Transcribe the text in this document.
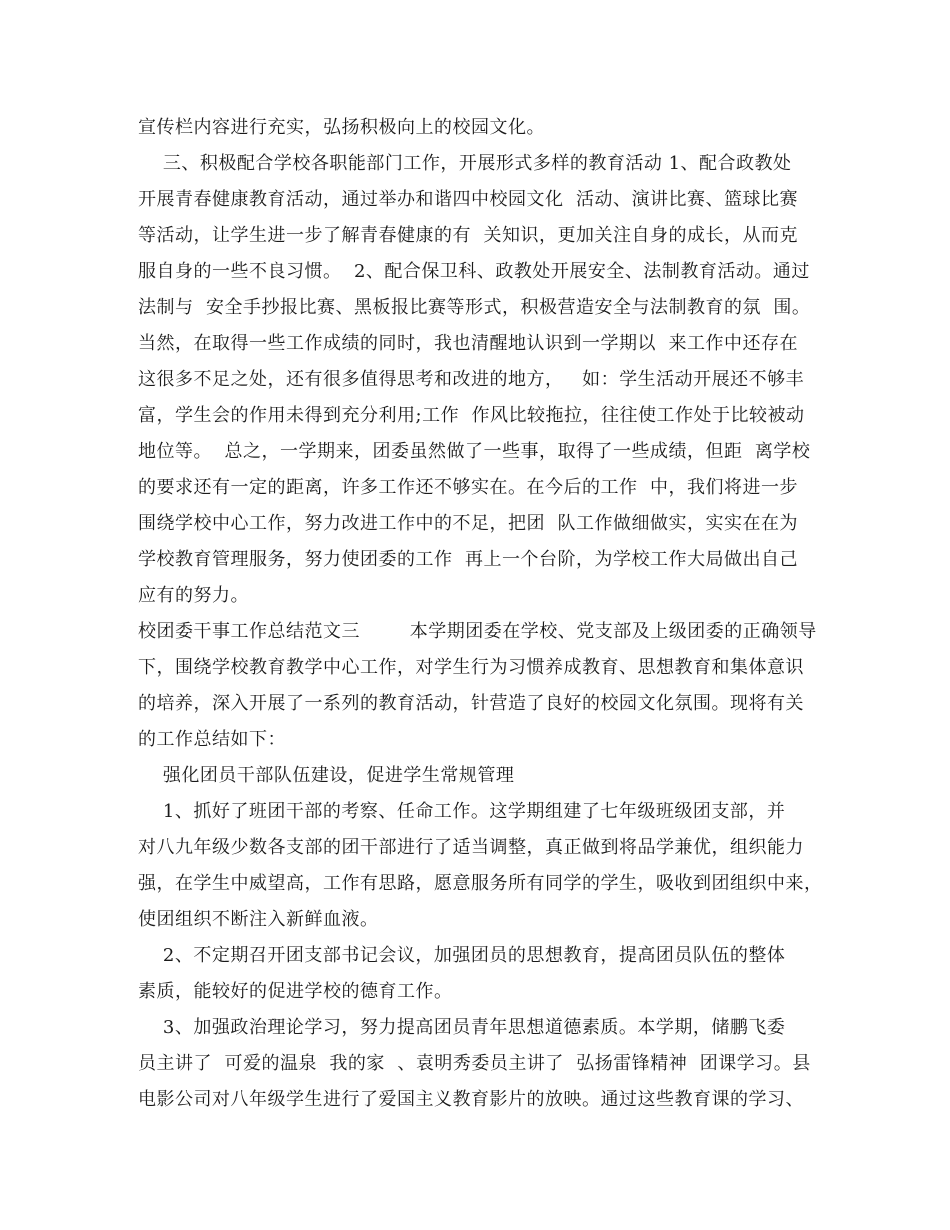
宣传栏内容进行充实，弘扬积极向上的校园文化。
三、积极配合学校各职能部门工作，开展形式多样的教育活动 1、配合政教处
开展青春健康教育活动，通过举办和谐四中校园文化  活动、演讲比赛、篮球比赛
等活动，让学生进一步了解青春健康的有  关知识，更加关注自身的成长，从而克
服自身的一些不良习惯。  2、配合保卫科、政教处开展安全、法制教育活动。通过
法制与  安全手抄报比赛、黑板报比赛等形式，积极营造安全与法制教育的氛  围。
当然，在取得一些工作成绩的同时，我也清醒地认识到一学期以  来工作中还存在
这很多不足之处，还有很多值得思考和改进的地方，   如：学生活动开展还不够丰
富，学生会的作用未得到充分利用;工作  作风比较拖拉，往往使工作处于比较被动
地位等。  总之，一学期来，团委虽然做了一些事，取得了一些成绩，但距  离学校
的要求还有一定的距离，许多工作还不够实在。在今后的工作  中，我们将进一步
围绕学校中心工作，努力改进工作中的不足，把团  队工作做细做实，实实在在为
学校教育管理服务，努力使团委的工作  再上一个台阶，为学校工作大局做出自己
应有的努力。
校团委干事工作总结范文三        本学期团委在学校、党支部及上级团委的正确领导
下，围绕学校教育教学中心工作，对学生行为习惯养成教育、思想教育和集体意识
的培养，深入开展了一系列的教育活动，针营造了良好的校园文化氛围。现将有关
的工作总结如下：
强化团员干部队伍建设，促进学生常规管理
1、抓好了班团干部的考察、任命工作。这学期组建了七年级班级团支部，并
对八九年级少数各支部的团干部进行了适当调整，真正做到将品学兼优，组织能力
强，在学生中威望高，工作有思路，愿意服务所有同学的学生，吸收到团组织中来，
使团组织不断注入新鲜血液。
2、不定期召开团支部书记会议，加强团员的思想教育，提高团员队伍的整体
素质，能较好的促进学校的德育工作。
3、加强政治理论学习，努力提高团员青年思想道德素质。本学期，储鹏飞委
员主讲了  可爱的温泉  我的家  、袁明秀委员主讲了  弘扬雷锋精神  团课学习。县
电影公司对八年级学生进行了爱国主义教育影片的放映。通过这些教育课的学习、
